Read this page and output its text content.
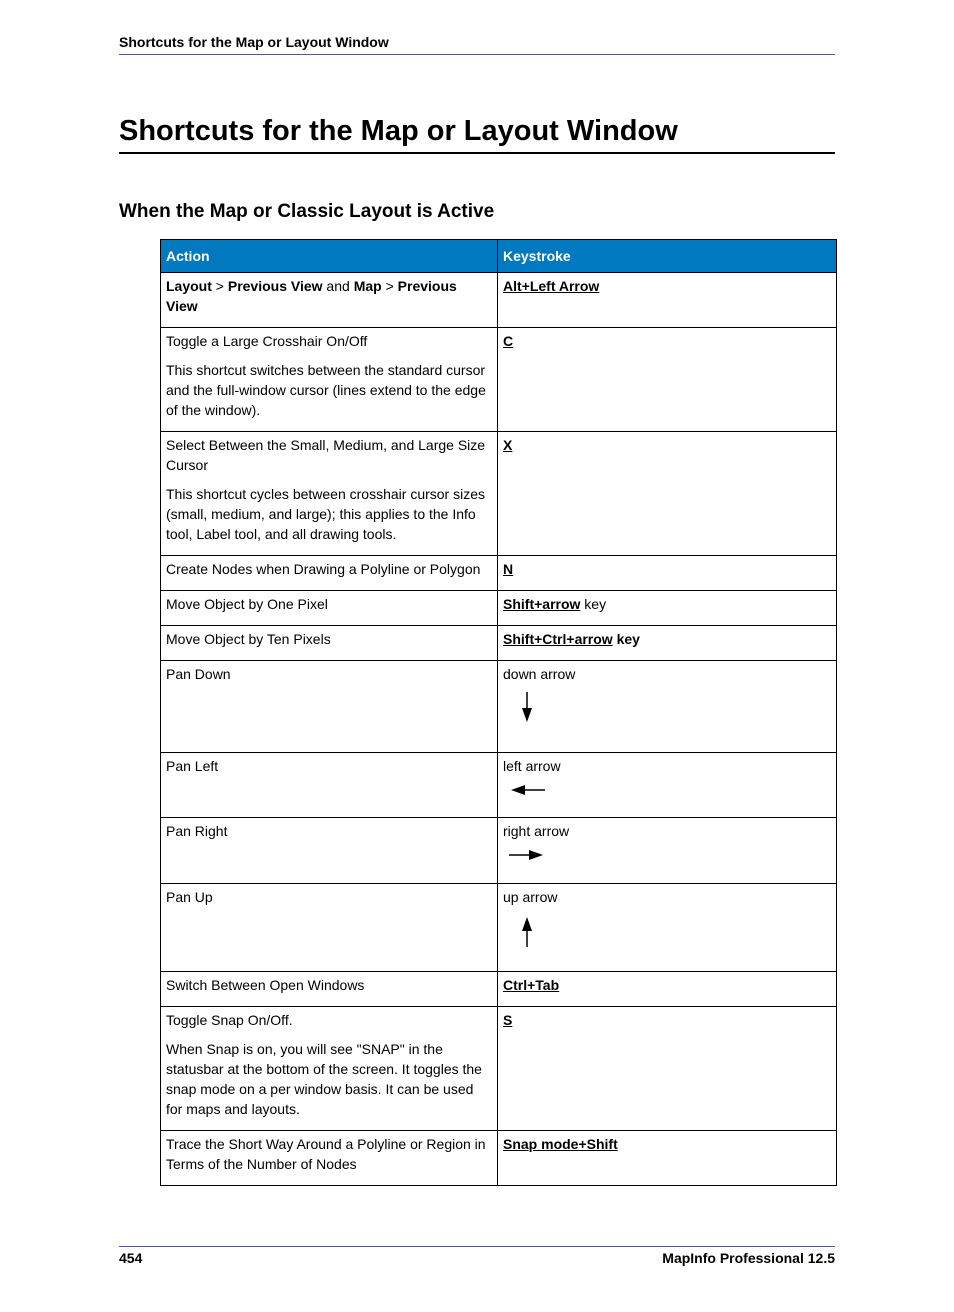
Shortcuts for the Map or Layout Window
Shortcuts for the Map or Layout Window
When the Map or Classic Layout is Active
Action	Keystroke
Layout > Previous View and Map > Previous View	Alt+Left Arrow
Toggle a Large Crosshair On/Off
This shortcut switches between the standard cursor and the full-window cursor (lines extend to the edge of the window).	C
Select Between the Small, Medium, and Large Size Cursor
This shortcut cycles between crosshair cursor sizes (small, medium, and large); this applies to the Info tool, Label tool, and all drawing tools.	X
Create Nodes when Drawing a Polyline or Polygon	N
Move Object by One Pixel	Shift+arrow key
Move Object by Ten Pixels	Shift+Ctrl+arrow key
Pan Down	down arrow

Pan Left	left arrow

Pan Right	right arrow

Pan Up	up arrow

Switch Between Open Windows	Ctrl+Tab
Toggle Snap On/Off.
When Snap is on, you will see "SNAP" in the statusbar at the bottom of the screen. It toggles the snap mode on a per window basis. It can be used for maps and layouts.	S
Trace the Short Way Around a Polyline or Region in Terms of the Number of Nodes	Snap mode+Shift
454	MapInfo Professional 12.5
